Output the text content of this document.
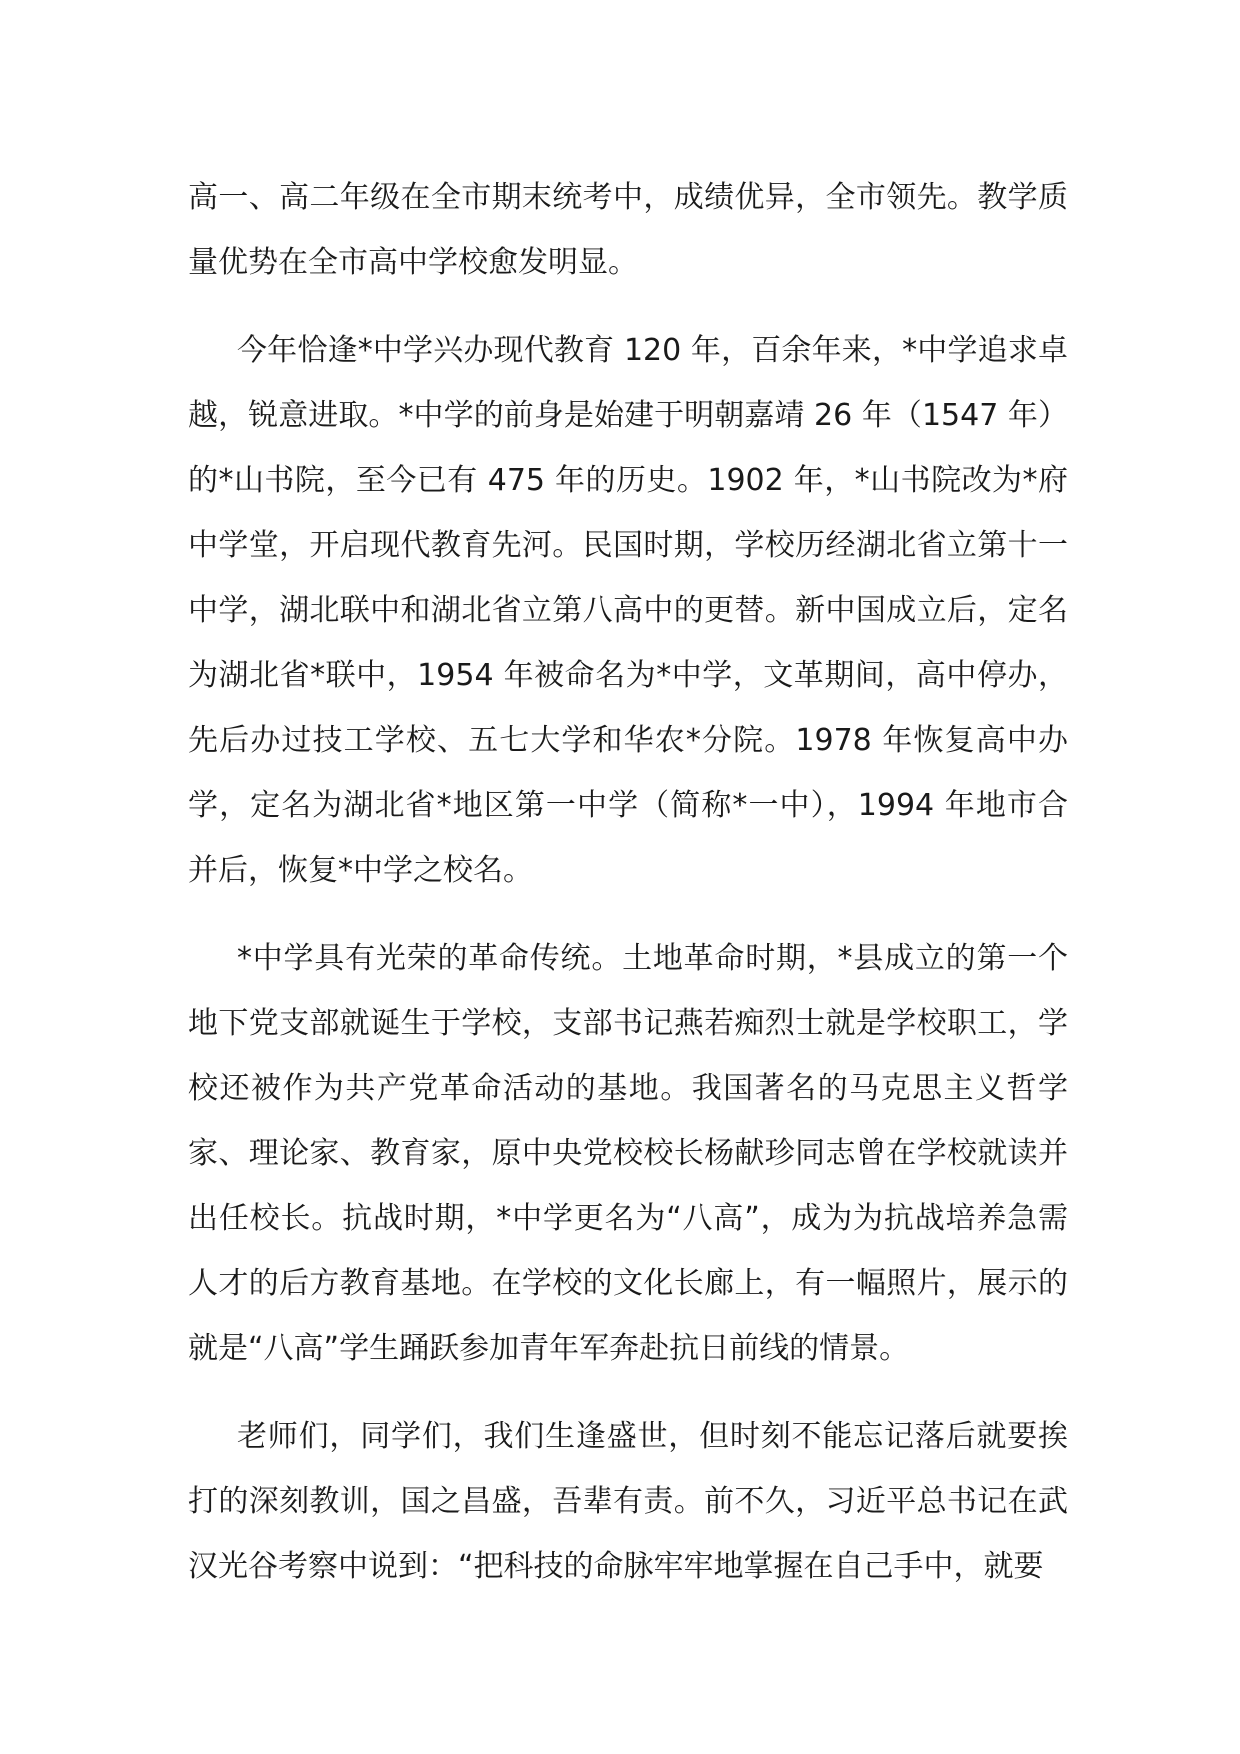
高一、高二年级在全市期末统考中，成绩优异，全市领先。教学质量优势在全市高中学校愈发明显。

今年恰逢*中学兴办现代教育 120 年，百余年来，*中学追求卓越，锐意进取。*中学的前身是始建于明朝嘉靖 26 年（1547 年）的*山书院，至今已有 475 年的历史。1902 年，*山书院改为*府中学堂，开启现代教育先河。民国时期，学校历经湖北省立第十一中学，湖北联中和湖北省立第八高中的更替。新中国成立后，定名为湖北省*联中，1954 年被命名为*中学，文革期间，高中停办，先后办过技工学校、五七大学和华农*分院。1978 年恢复高中办学，定名为湖北省*地区第一中学（简称*一中），1994 年地市合并后，恢复*中学之校名。

*中学具有光荣的革命传统。土地革命时期，*县成立的第一个地下党支部就诞生于学校，支部书记燕若痴烈士就是学校职工，学校还被作为共产党革命活动的基地。我国著名的马克思主义哲学家、理论家、教育家，原中央党校校长杨献珍同志曾在学校就读并出任校长。抗战时期，*中学更名为“八高”，成为为抗战培养急需人才的后方教育基地。在学校的文化长廊上，有一幅照片，展示的就是“八高”学生踊跃参加青年军奔赴抗日前线的情景。

老师们，同学们，我们生逢盛世，但时刻不能忘记落后就要挨打的深刻教训，国之昌盛，吾辈有责。前不久，习近平总书记在武汉光谷考察中说到：“把科技的命脉牢牢地掌握在自己手中，就要
